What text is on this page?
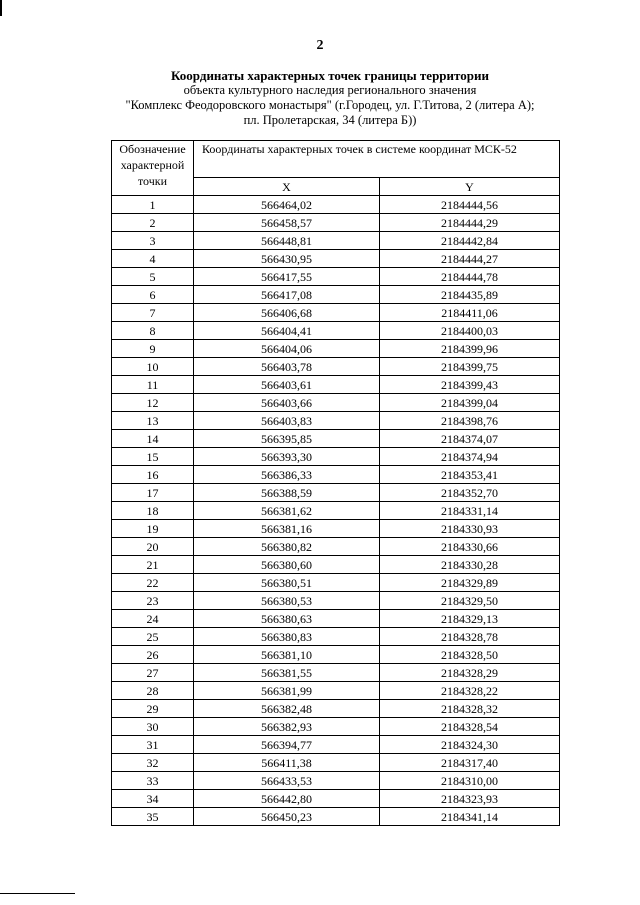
2
Координаты характерных точек границы территории
объекта культурного наследия регионального значения
"Комплекс Феодоровского монастыря" (г.Городец, ул. Г.Титова, 2 (литера А);
пл. Пролетарская, 34 (литера Б))
Обозначение характерной точки	Координаты характерных точек в системе координат МСК-52	
	X	Y
1	566464,02	2184444,56
2	566458,57	2184444,29
3	566448,81	2184442,84
4	566430,95	2184444,27
5	566417,55	2184444,78
6	566417,08	2184435,89
7	566406,68	2184411,06
8	566404,41	2184400,03
9	566404,06	2184399,96
10	566403,78	2184399,75
11	566403,61	2184399,43
12	566403,66	2184399,04
13	566403,83	2184398,76
14	566395,85	2184374,07
15	566393,30	2184374,94
16	566386,33	2184353,41
17	566388,59	2184352,70
18	566381,62	2184331,14
19	566381,16	2184330,93
20	566380,82	2184330,66
21	566380,60	2184330,28
22	566380,51	2184329,89
23	566380,53	2184329,50
24	566380,63	2184329,13
25	566380,83	2184328,78
26	566381,10	2184328,50
27	566381,55	2184328,29
28	566381,99	2184328,22
29	566382,48	2184328,32
30	566382,93	2184328,54
31	566394,77	2184324,30
32	566411,38	2184317,40
33	566433,53	2184310,00
34	566442,80	2184323,93
35	566450,23	2184341,14
